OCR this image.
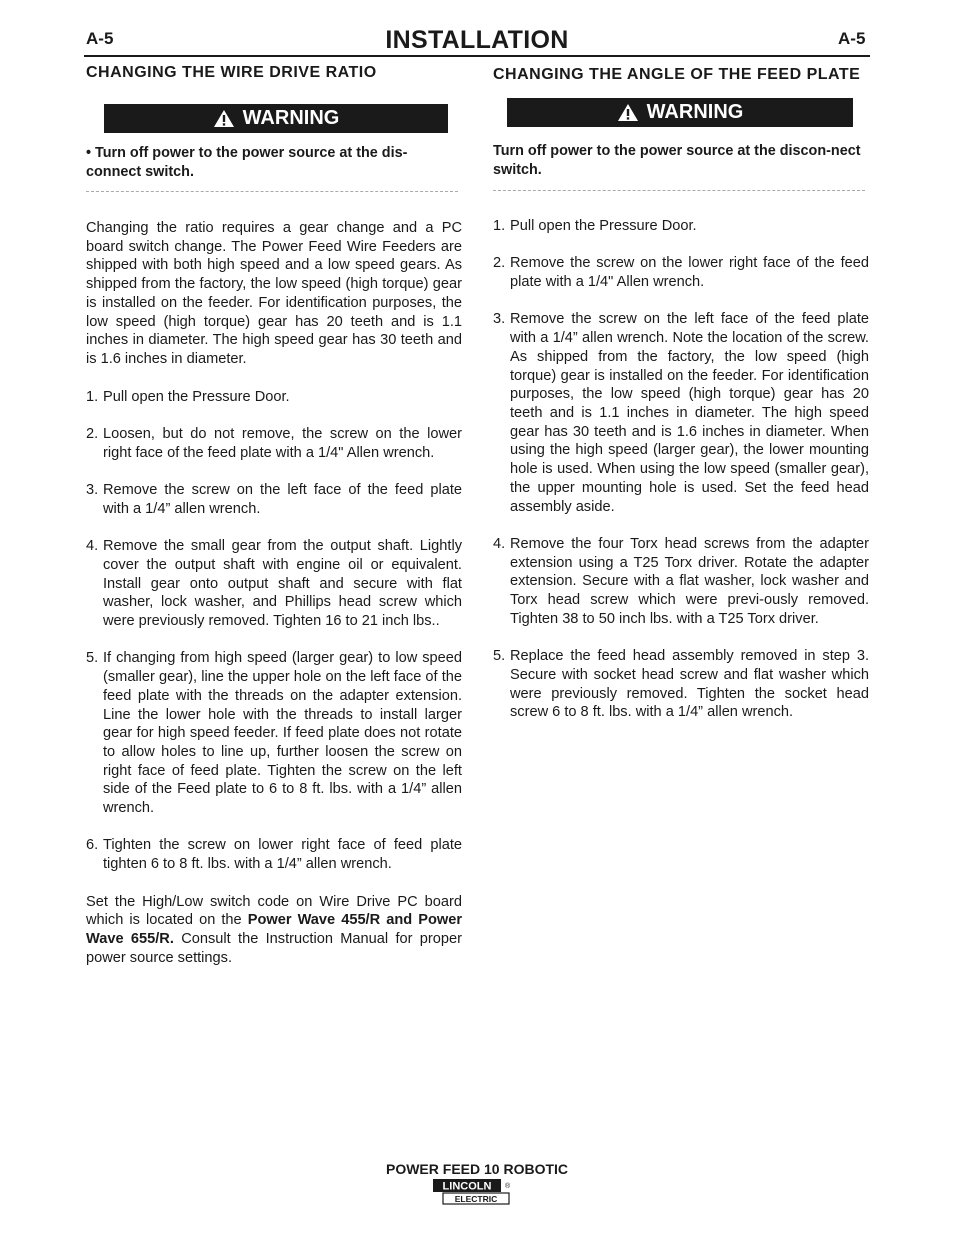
A-5	INSTALLATION	A-5
CHANGING THE WIRE DRIVE RATIO
WARNING
• Turn off power to the power source at the dis-connect switch.

Changing the ratio requires a gear change and a PC board switch change. The Power Feed Wire Feeders are shipped with both high speed and a low speed gears. As shipped from the factory, the low speed (high torque) gear is installed on the feeder. For identification purposes, the low speed (high torque) gear has 20 teeth and is 1.1 inches in diameter. The high speed gear has 30 teeth and is 1.6 inches in diameter.

1. Pull open the Pressure Door.
2. Loosen, but do not remove, the screw on the lower right face of the feed plate with a 1/4" Allen wrench.
3. Remove the screw on the left face of the feed plate with a 1/4” allen wrench.
4. Remove the small gear from the output shaft. Lightly cover the output shaft with engine oil or equivalent. Install gear onto output shaft and secure with flat washer, lock washer, and Phillips head screw which were previously removed. Tighten 16 to 21 inch lbs..
5. If changing from high speed (larger gear) to low speed (smaller gear), line the upper hole on the left face of the feed plate with the threads on the adapter extension. Line the lower hole with the threads to install larger gear for high speed feeder. If feed plate does not rotate to allow holes to line up, further loosen the screw on right face of feed plate. Tighten the screw on the left side of the Feed plate to 6 to 8 ft. lbs. with a 1/4” allen wrench.
6. Tighten the screw on lower right face of feed plate tighten 6 to 8 ft. lbs. with a 1/4” allen wrench.

Set the High/Low switch code on Wire Drive PC board which is located on the Power Wave 455/R and Power Wave 655/R. Consult the Instruction Manual for proper power source settings.

CHANGING THE ANGLE OF THE FEED PLATE
WARNING
Turn off power to the power source at the discon-nect switch.
1. Pull open the Pressure Door.
2. Remove the screw on the lower right face of the feed plate with a 1/4" Allen wrench.
3. Remove the screw on the left face of the feed plate with a 1/4” allen wrench. Note the location of the screw. As shipped from the factory, the low speed (high torque) gear is installed on the feeder. For identification purposes, the low speed (high torque) gear has 20 teeth and is 1.1 inches in diameter. The high speed gear has 30 teeth and is 1.6 inches in diameter. When using the high speed (larger gear), the lower mounting hole is used. When using the low speed (smaller gear), the upper mounting hole is used. Set the feed head assembly aside.
4. Remove the four Torx head screws from the adapter extension using a T25 Torx driver. Rotate the adapter extension. Secure with a flat washer, lock washer and Torx head screw which were previ-ously removed. Tighten 38 to 50 inch lbs. with a T25 Torx driver.
5. Replace the feed head assembly removed in step 3. Secure with socket head screw and flat washer which were previously removed. Tighten the socket head screw 6 to 8 ft. lbs. with a 1/4” allen wrench.
POWER FEED 10 ROBOTIC
LINCOLN
ELECTRIC
®
